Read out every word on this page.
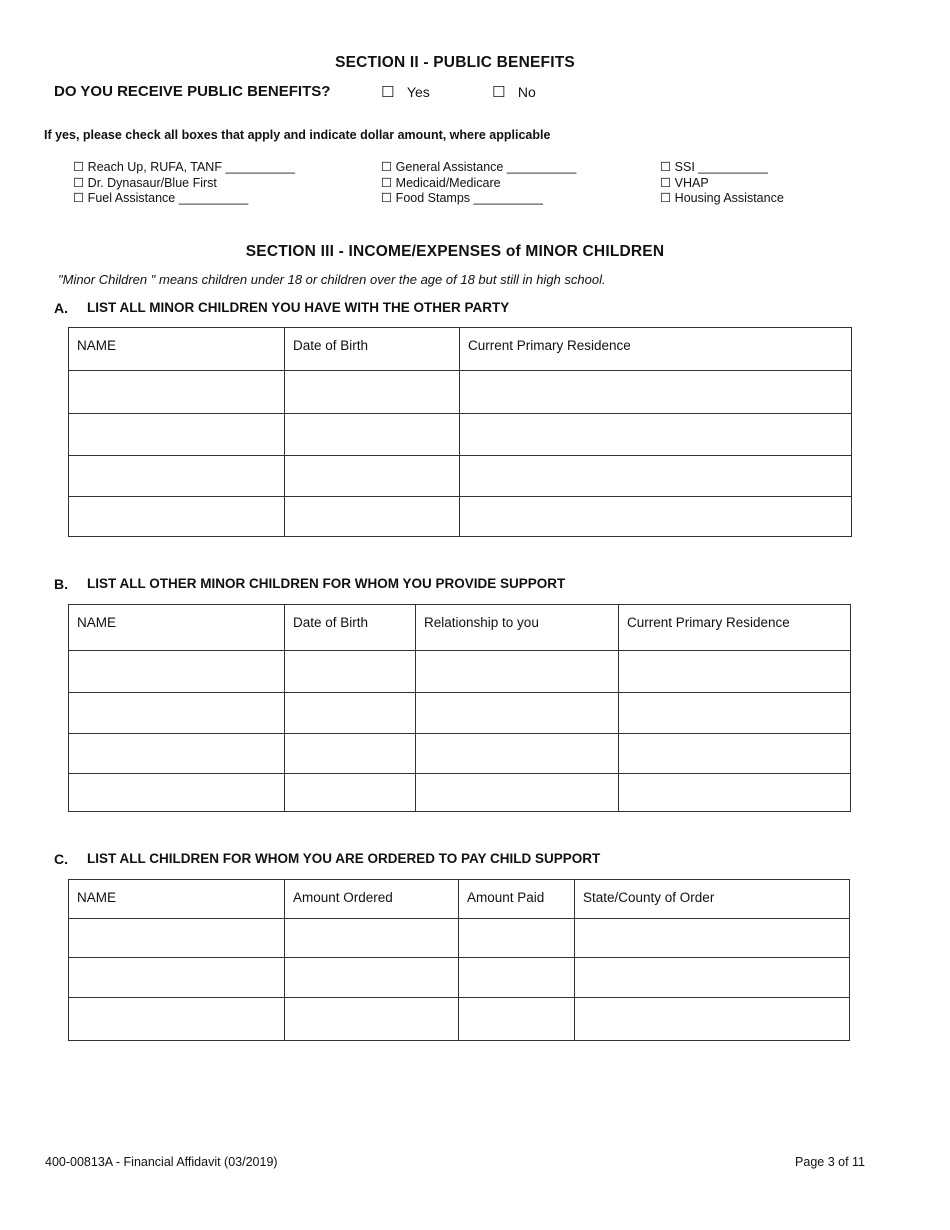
SECTION II - PUBLIC BENEFITS
DO YOU RECEIVE PUBLIC BENEFITS?	☐ Yes	☐ No
If yes, please check all boxes that apply and indicate dollar amount, where applicable
☐ Reach Up, RUFA, TANF __________
☐ Dr. Dynasaur/Blue First
☐ Fuel Assistance __________
☐ General Assistance __________
☐ Medicaid/Medicare
☐ Food Stamps __________
☐ SSI __________
☐ VHAP
☐ Housing Assistance
SECTION III - INCOME/EXPENSES of MINOR CHILDREN
"Minor Children " means children under 18 or children over the age of 18 but still in high school.
A. LIST ALL MINOR CHILDREN YOU HAVE WITH THE OTHER PARTY
NAME	Date of Birth	Current Primary Residence

B. LIST ALL OTHER MINOR CHILDREN FOR WHOM YOU PROVIDE SUPPORT
NAME	Date of Birth	Relationship to you	Current Primary Residence

C. LIST ALL CHILDREN FOR WHOM YOU ARE ORDERED TO PAY CHILD SUPPORT
NAME	Amount Ordered	Amount Paid	State/County of Order

400-00813A - Financial Affidavit (03/2019)	Page 3 of 11
